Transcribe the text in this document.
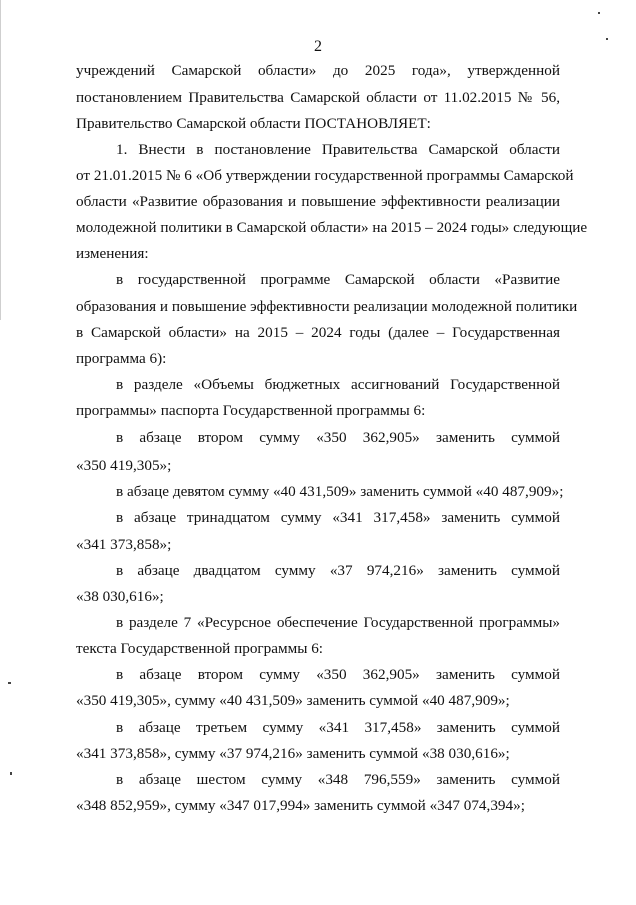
2
учреждений Самарской области» до 2025 года», утвержденной
постановлением Правительства Самарской области от 11.02.2015 № 56,
Правительство Самарской области ПОСТАНОВЛЯЕТ:
1. Внести в постановление Правительства Самарской области
от 21.01.2015 № 6 «Об утверждении государственной программы Самарской
области «Развитие образования и повышение эффективности реализации
молодежной политики в Самарской области» на 2015 – 2024 годы» следующие
изменения:
в государственной программе Самарской области «Развитие
образования и повышение эффективности реализации молодежной политики
в Самарской области» на 2015 – 2024 годы (далее – Государственная
программа 6):
в разделе «Объемы бюджетных ассигнований Государственной
программы» паспорта Государственной программы 6:
в абзаце втором сумму «350 362,905» заменить суммой
«350 419,305»;
в абзаце девятом сумму «40 431,509» заменить суммой «40 487,909»;
в абзаце тринадцатом сумму «341 317,458» заменить суммой
«341 373,858»;
в абзаце двадцатом сумму «37 974,216» заменить суммой
«38 030,616»;
в разделе 7 «Ресурсное обеспечение Государственной программы»
текста Государственной программы 6:
в абзаце втором сумму «350 362,905» заменить суммой
«350 419,305», сумму «40 431,509» заменить суммой «40 487,909»;
в абзаце третьем сумму «341 317,458» заменить суммой
«341 373,858», сумму «37 974,216» заменить суммой «38 030,616»;
в абзаце шестом сумму «348 796,559» заменить суммой
«348 852,959», сумму «347 017,994» заменить суммой «347 074,394»;
